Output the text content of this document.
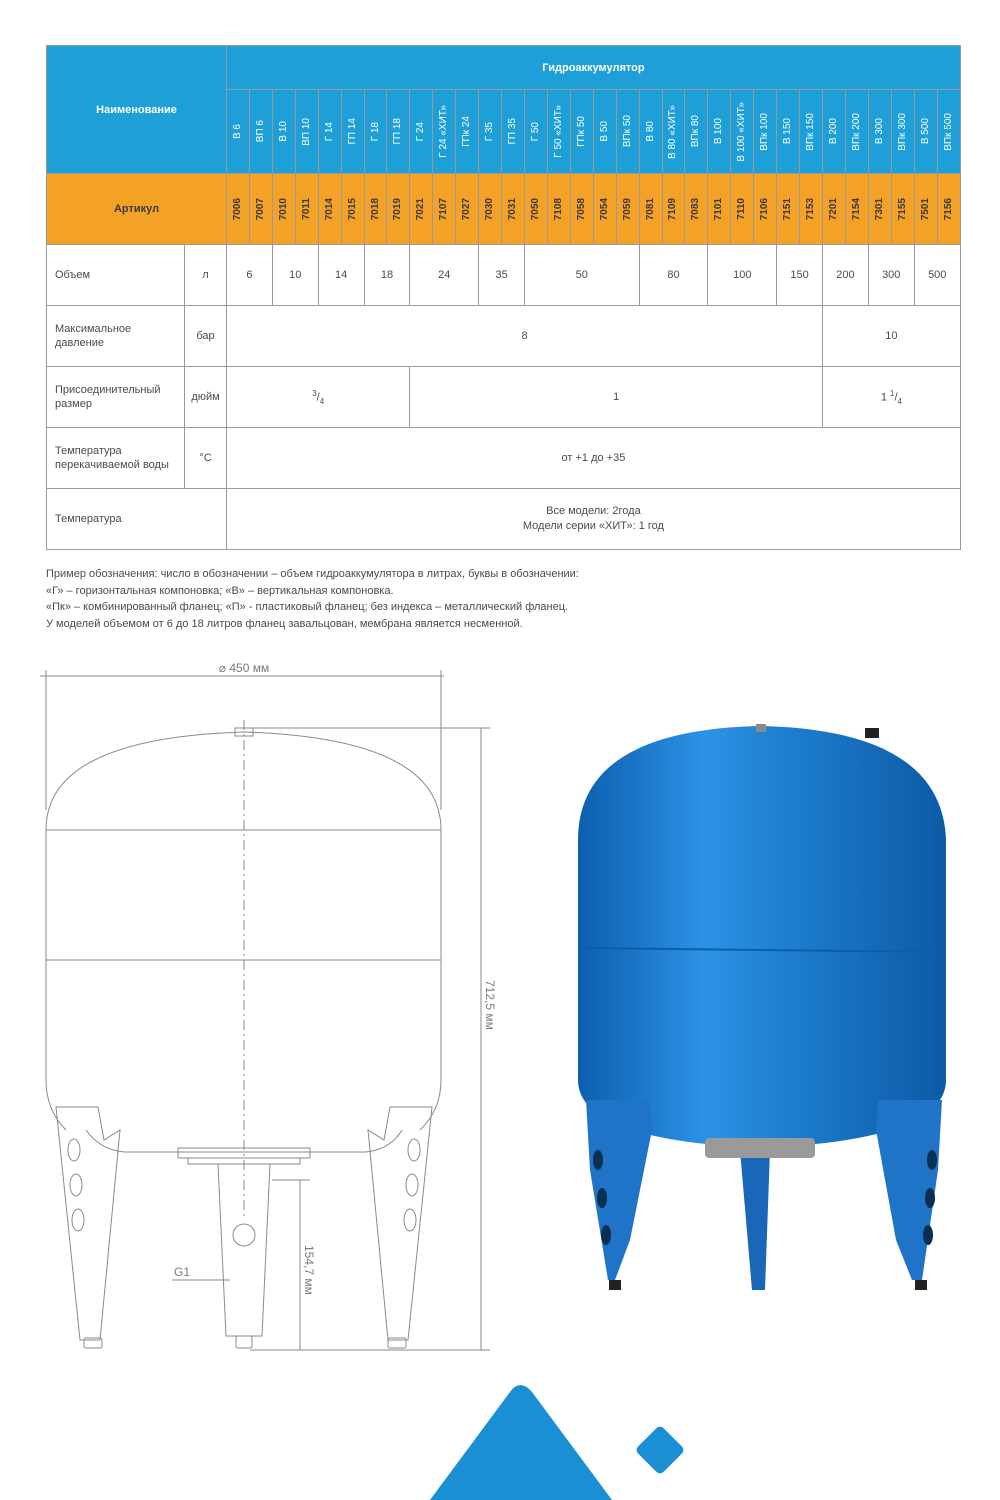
Наименование		Гидроаккумулятор																															

		В 6	ВП 6	В 10	ВП 10	Г 14	ГП 14	Г 18	ГП 18	Г 24	Г 24 «ХИТ»	ГПк 24	Г 35	ГП 35	Г 50	Г 50 «ХИТ»	ГПк 50	В 50	ВПк 50	В 80	В 80 «ХИТ»	ВПк 80	В 100	В 100 «ХИТ»	ВПк 100	В 150	ВПк 150	В 200	ВПк 200	В 300	ВПк 300	В 500	ВПк 500

Артикул		7006	7007	7010	7011	7014	7015	7018	7019	7021	7107	7027	7030	7031	7050	7108	7058	7054	7059	7081	7109	7083	7101	7110	7106	7151	7153	7201	7154	7301	7155	7501	7156

Объем	л	6		10		14		18		24			35		50					80			100			150		200		300		500	
Максимальное
давление	бар	8																										10					
Присоединительный
размер	дюйм	$^3/_4$								1																		1 $^1/_4$
Температура
перекачиваемой воды	°C	от +1 до +35																															
Температура		Все модели: 2года
Модели серии «ХИТ»: 1 год																															
Пример обозначения: число в обозначении – объем гидроаккумулятора в литрах, буквы в обозначении:
«Г» – горизонтальная компоновка; «В» – вертикальная компоновка.
«Пк» – комбинированный фланец; «П» - пластиковый фланец; без индекса – металлический фланец.
У моделей объемом от 6 до 18 литров фланец завальцован, мембрана является несменной.
⌀ 450 мм
712,5 мм
154,7 мм
G1
